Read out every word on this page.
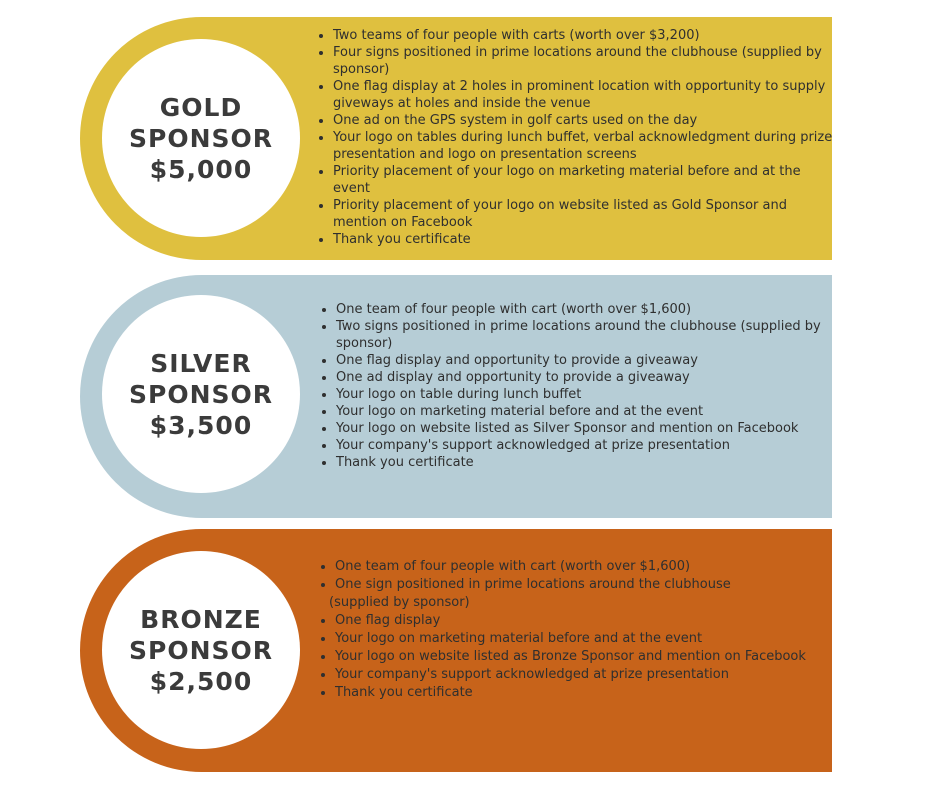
GOLD
SPONSOR
$5,000
• Two teams of four people with carts (worth over $3,200)
• Four signs positioned in prime locations around the clubhouse (supplied by sponsor)
• One flag display at 2 holes in prominent location with opportunity to supply giveways at holes and inside the venue
• One ad on the GPS system in golf carts used on the day
• Your logo on tables during lunch buffet, verbal acknowledgment during prize presentation and logo on presentation screens
• Priority placement of your logo on marketing material before and at the event
• Priority placement of your logo on website listed as Gold Sponsor and mention on Facebook
• Thank you certificate
SILVER
SPONSOR
$3,500
• One team of four people with cart (worth over $1,600)
• Two signs positioned in prime locations around the clubhouse (supplied by sponsor)
• One flag display and opportunity to provide a giveaway
• One ad display and opportunity to provide a giveaway
• Your logo on table during lunch buffet
• Your logo on marketing material before and at the event
• Your logo on website listed as Silver Sponsor and mention on Facebook
• Your company's support acknowledged at prize presentation
• Thank you certificate
BRONZE
SPONSOR
$2,500
• One team of four people with cart (worth over $1,600)
• One sign positioned in prime locations around the clubhouse
(supplied by sponsor)
• One flag display
• Your logo on marketing material before and at the event
• Your logo on website listed as Bronze Sponsor and mention on Facebook
• Your company's support acknowledged at prize presentation
• Thank you certificate
